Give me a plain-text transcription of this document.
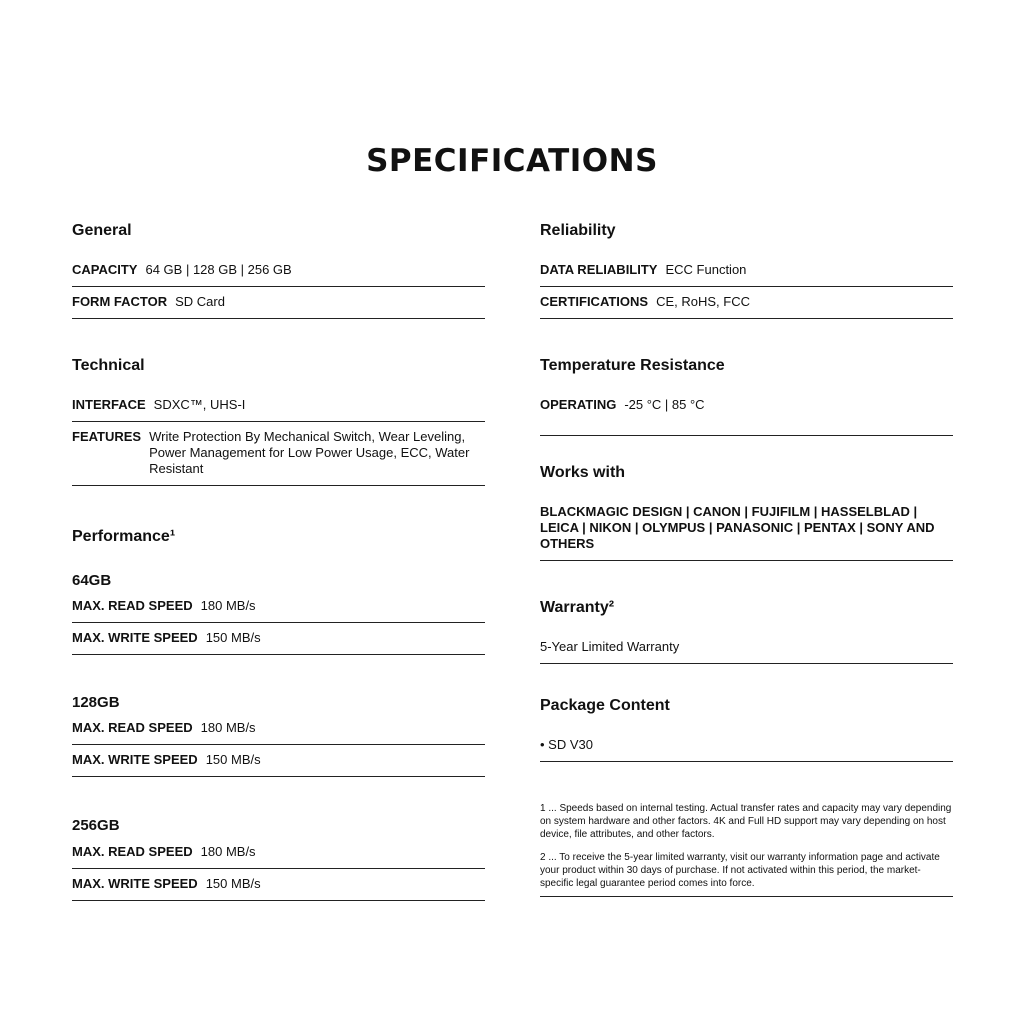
SPECIFICATIONS
General
CAPACITY 64 GB | 128 GB | 256 GB
FORM FACTOR SD Card
Technical
INTERFACE SDXC™, UHS-I
FEATURES Write Protection By Mechanical Switch, Wear Leveling, Power Management for Low Power Usage, ECC, Water Resistant
Performance¹
64GB
MAX. READ SPEED 180 MB/s
MAX. WRITE SPEED 150 MB/s
128GB
MAX. READ SPEED 180 MB/s
MAX. WRITE SPEED 150 MB/s
256GB
MAX. READ SPEED 180 MB/s
MAX. WRITE SPEED 150 MB/s
Reliability
DATA RELIABILITY ECC Function
CERTIFICATIONS CE, RoHS, FCC
Temperature Resistance
OPERATING -25 °C | 85 °C
Works with
BLACKMAGIC DESIGN | CANON | FUJIFILM | HASSELBLAD | LEICA | NIKON | OLYMPUS | PANASONIC | PENTAX | SONY AND OTHERS
Warranty²
5-Year Limited Warranty
Package Content
• SD V30
1 ... Speeds based on internal testing. Actual transfer rates and capacity may vary depending on system hardware and other factors. 4K and Full HD support may vary depending on host device, file attributes, and other factors.
2 ... To receive the 5-year limited warranty, visit our warranty information page and activate your product within 30 days of purchase. If not activated within this period, the market-specific legal guarantee period comes into force.
